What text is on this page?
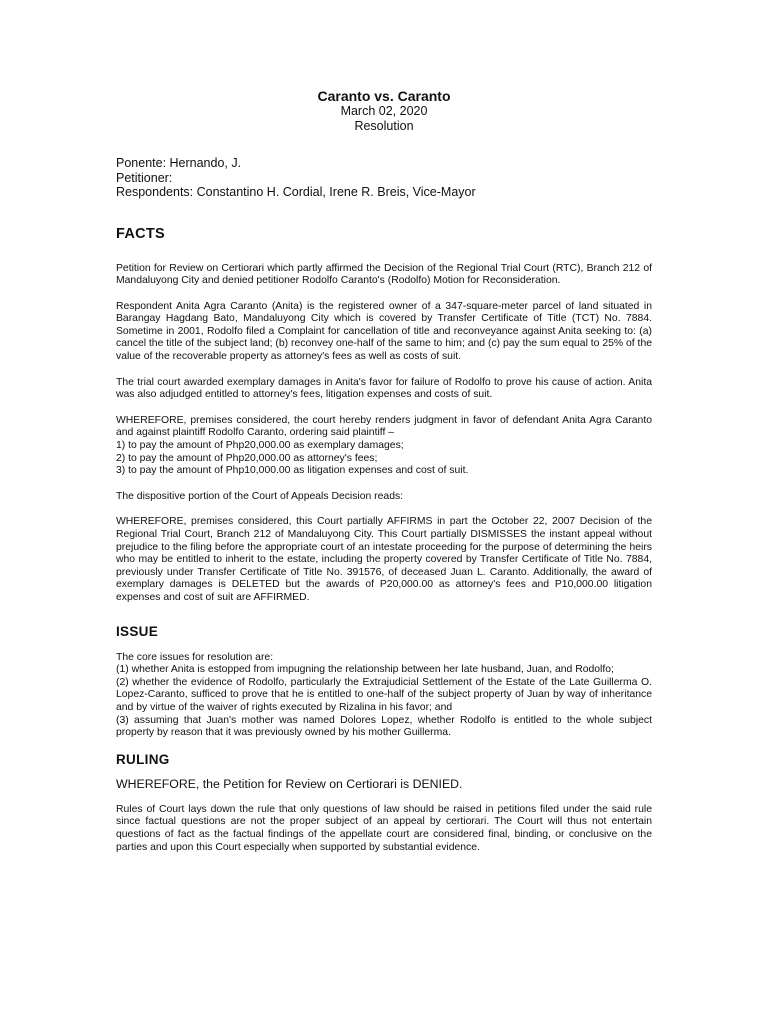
Caranto vs. Caranto
March 02, 2020
Resolution
Ponente: Hernando, J.
Petitioner:
Respondents: Constantino H. Cordial, Irene R. Breis, Vice-Mayor
FACTS

Petition for Review on Certiorari which partly affirmed the Decision of the Regional Trial Court (RTC), Branch 212 of Mandaluyong City and denied petitioner Rodolfo Caranto's (Rodolfo) Motion for Reconsideration.

Respondent Anita Agra Caranto (Anita) is the registered owner of a 347-square-meter parcel of land situated in Barangay Hagdang Bato, Mandaluyong City which is covered by Transfer Certificate of Title (TCT) No. 7884. Sometime in 2001, Rodolfo filed a Complaint for cancellation of title and reconveyance against Anita seeking to: (a) cancel the title of the subject land; (b) reconvey one-half of the same to him; and (c) pay the sum equal to 25% of the value of the recoverable property as attorney's fees as well as costs of suit.

The trial court awarded exemplary damages in Anita's favor for failure of Rodolfo to prove his cause of action. Anita was also adjudged entitled to attorney's fees, litigation expenses and costs of suit.

WHEREFORE, premises considered, the court hereby renders judgment in favor of defendant Anita Agra Caranto and against plaintiff Rodolfo Caranto, ordering said plaintiff –

1) to pay the amount of Php20,000.00 as exemplary damages;
2) to pay the amount of Php20,000.00 as attorney's fees;
3) to pay the amount of Php10,000.00 as litigation expenses and cost of suit.

The dispositive portion of the Court of Appeals Decision reads:

WHEREFORE, premises considered, this Court partially AFFIRMS in part the October 22, 2007 Decision of the Regional Trial Court, Branch 212 of Mandaluyong City. This Court partially DISMISSES the instant appeal without prejudice to the filing before the appropriate court of an intestate proceeding for the purpose of determining the heirs who may be entitled to inherit to the estate, including the property covered by Transfer Certificate of Title No. 7884, previously under Transfer Certificate of Title No. 391576, of deceased Juan L. Caranto. Additionally, the award of exemplary damages is DELETED but the awards of P20,000.00 as attorney's fees and P10,000.00 litigation expenses and cost of suit are AFFIRMED.

ISSUE
The core issues for resolution are:
(1) whether Anita is estopped from impugning the relationship between her late husband, Juan, and Rodolfo;
(2) whether the evidence of Rodolfo, particularly the Extrajudicial Settlement of the Estate of the Late Guillerma O. Lopez-Caranto, sufficed to prove that he is entitled to one-half of the subject property of Juan by way of inheritance and by virtue of the waiver of rights executed by Rizalina in his favor; and
(3) assuming that Juan's mother was named Dolores Lopez, whether Rodolfo is entitled to the whole subject property by reason that it was previously owned by his mother Guillerma.
RULING

WHEREFORE, the Petition for Review on Certiorari is DENIED.

Rules of Court lays down the rule that only questions of law should be raised in petitions filed under the said rule since factual questions are not the proper subject of an appeal by certiorari. The Court will thus not entertain questions of fact as the factual findings of the appellate court are considered final, binding, or conclusive on the parties and upon this Court especially when supported by substantial evidence.
